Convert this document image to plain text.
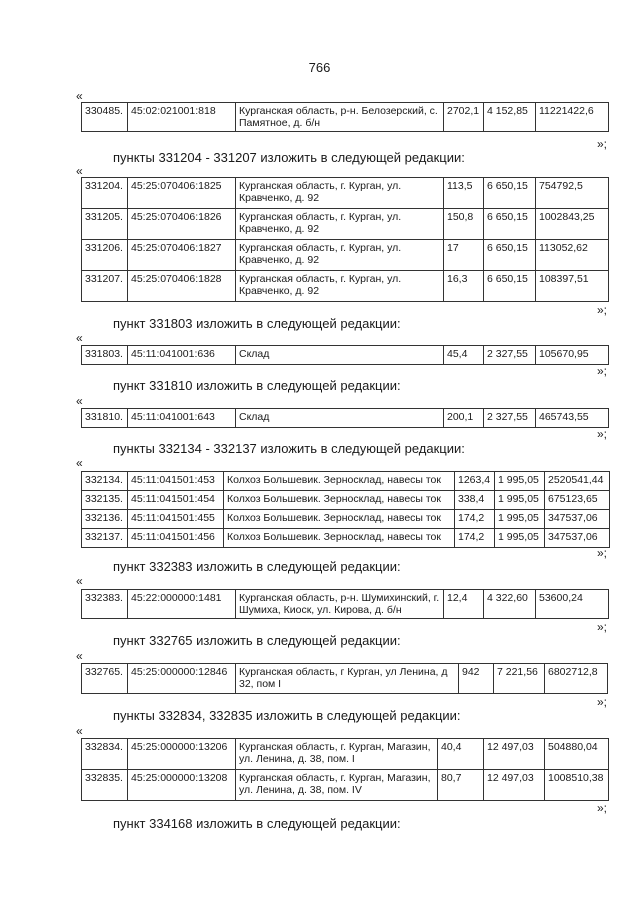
766
«
330485.	45:02:021001:818	Курганская область, р-н. Белозерский, с. Памятное, д. б/н	2702,1	4 152,85	11221422,6
»;
пункты 331204 - 331207 изложить в следующей редакции:
«
331204.	45:25:070406:1825	Курганская область, г. Курган, ул. Кравченко, д. 92	113,5	6 650,15	754792,5
331205.	45:25:070406:1826	Курганская область, г. Курган, ул. Кравченко, д. 92	150,8	6 650,15	1002843,25
331206.	45:25:070406:1827	Курганская область, г. Курган, ул. Кравченко, д. 92	17	6 650,15	113052,62
331207.	45:25:070406:1828	Курганская область, г. Курган, ул. Кравченко, д. 92	16,3	6 650,15	108397,51
»;
пункт 331803 изложить в следующей редакции:
«
331803.	45:11:041001:636	Склад	45,4	2 327,55	105670,95
»;
пункт 331810 изложить в следующей редакции:
«
331810.	45:11:041001:643	Склад	200,1	2 327,55	465743,55
»;
пункты 332134 - 332137 изложить в следующей редакции:
«
332134.	45:11:041501:453	Колхоз Большевик. Зерносклад, навесы ток	1263,4	1 995,05	2520541,44
332135.	45:11:041501:454	Колхоз Большевик. Зерносклад, навесы ток	338,4	1 995,05	675123,65
332136.	45:11:041501:455	Колхоз Большевик. Зерносклад, навесы ток	174,2	1 995,05	347537,06
332137.	45:11:041501:456	Колхоз Большевик. Зерносклад, навесы ток	174,2	1 995,05	347537,06
»;
пункт 332383 изложить в следующей редакции:
«
332383.	45:22:000000:1481	Курганская область, р-н. Шумихинский, г. Шумиха, Киоск, ул. Кирова, д. б/н	12,4	4 322,60	53600,24
»;
пункт 332765 изложить в следующей редакции:
«
332765.	45:25:000000:12846	Курганская область, г Курган, ул Ленина, д 32, пом I	942	7 221,56	6802712,8
»;
пункты 332834, 332835 изложить в следующей редакции:
«
332834.	45:25:000000:13206	Курганская область, г. Курган, Магазин, ул. Ленина, д. 38, пом. I	40,4	12 497,03	504880,04
332835.	45:25:000000:13208	Курганская область, г. Курган, Магазин, ул. Ленина, д. 38, пом. IV	80,7	12 497,03	1008510,38
»;
пункт 334168 изложить в следующей редакции:
